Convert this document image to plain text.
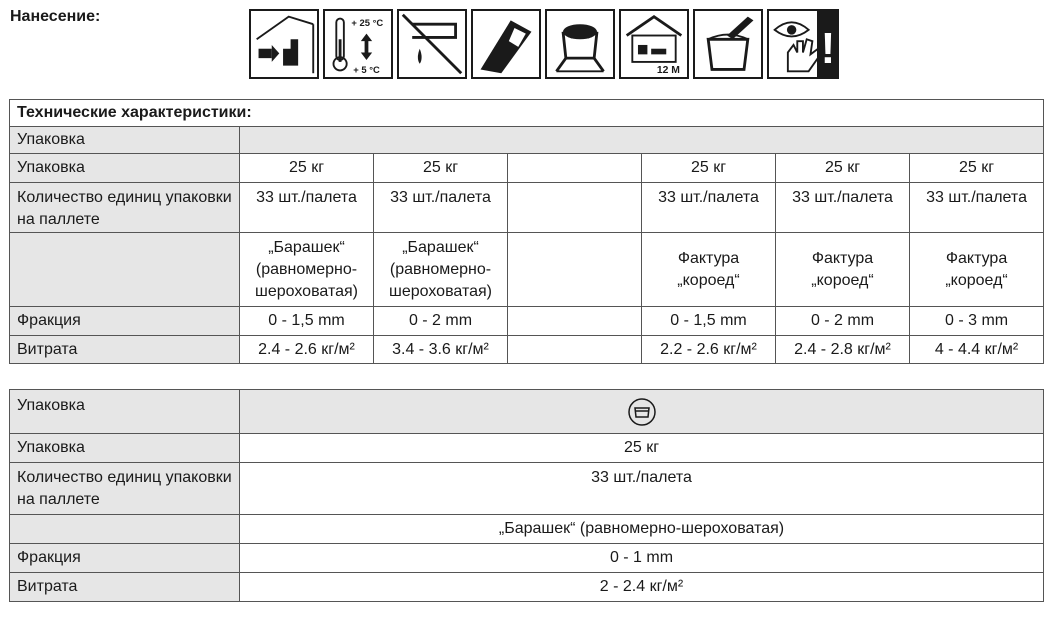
Нанесение:	+ 25 °C
+ 5 °C	12 M	!
Технические характеристики:						
Упаковка						
Упаковка	25 кг	25 кг		25 кг	25 кг	25 кг
Количество единиц упаковки на паллете	33 шт./палета	33 шт./палета		33 шт./палета	33 шт./палета	33 шт./палета
	„Барашек“ (равномерно-шероховатая)	„Барашек“ (равномерно-шероховатая)		Фактура „короед“	Фактура „короед“	Фактура „короед“
Фракция	0 - 1,5 mm	0 - 2 mm		0 - 1,5 mm	0 - 2 mm	0 - 3 mm
Витрата	2.4 - 2.6 кг/м²	3.4 - 3.6 кг/м²		2.2 - 2.6 кг/м²	2.4 - 2.8 кг/м²	4 - 4.4 кг/м²
Упаковка	
Упаковка	25 кг
Количество единиц упаковки на паллете	33 шт./палета
	„Барашек“ (равномерно-шероховатая)
Фракция	0 - 1 mm
Витрата	2 - 2.4 кг/м²
